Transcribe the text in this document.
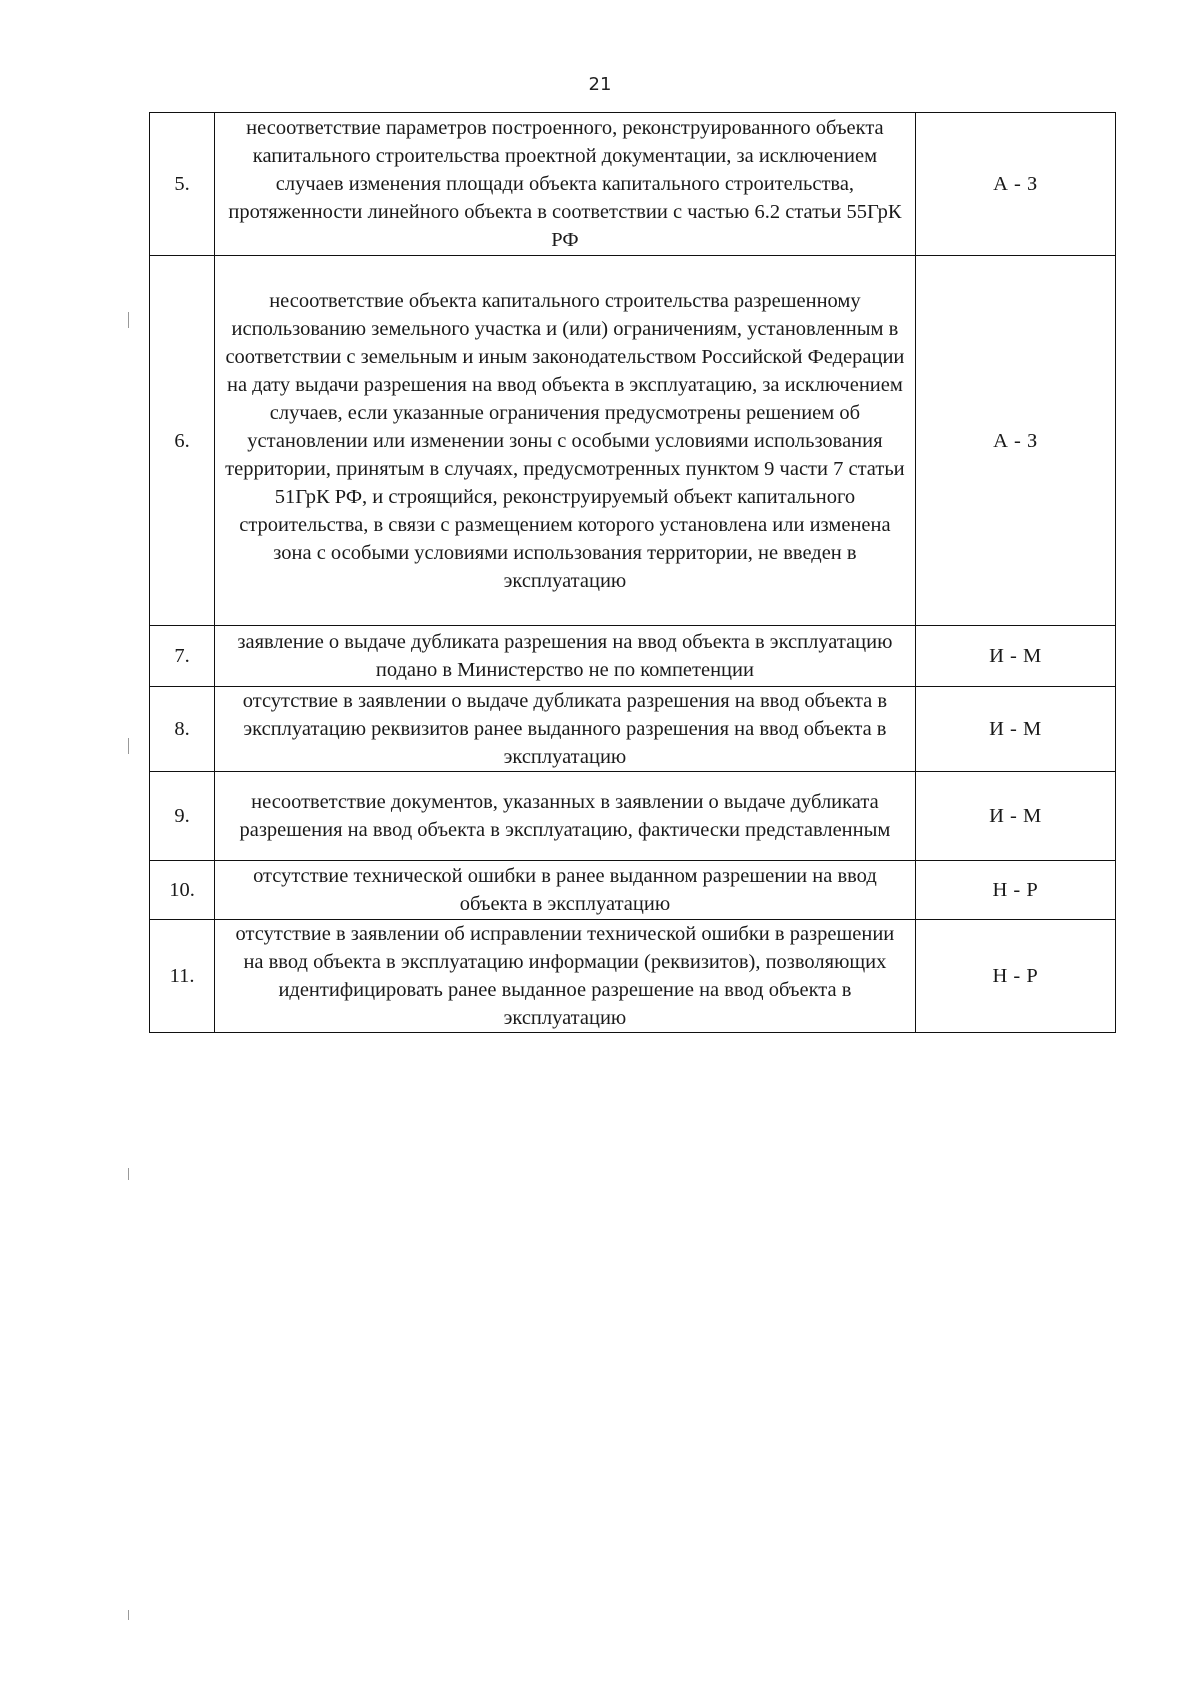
21
5.	несоответствие параметров построенного, реконструированного объекта капитального строительства проектной документации, за исключением случаев изменения площади объекта капитального строительства, протяженности линейного объекта в соответствии с частью 6.2 статьи 55ГрК РФ	А - З
6.	несоответствие объекта капитального строительства разрешенному использованию земельного участка и (или) ограничениям, установленным в соответствии с земельным и иным законодательством Российской Федерации на дату выдачи разрешения на ввод объекта в эксплуатацию, за исключением случаев, если указанные ограничения предусмотрены решением об установлении или изменении зоны с особыми условиями использования территории, принятым в случаях, предусмотренных пунктом 9 части 7 статьи 51ГрК РФ, и строящийся, реконструируемый объект капитального строительства, в связи с размещением которого установлена или изменена зона с особыми условиями использования территории, не введен в эксплуатацию	А - З
7.	заявление о выдаче дубликата разрешения на ввод объекта в эксплуатацию подано в Министерство не по компетенции	И - М
8.	отсутствие в заявлении о выдаче дубликата разрешения на ввод объекта в эксплуатацию реквизитов ранее выданного разрешения на ввод объекта в эксплуатацию	И - М
9.	несоответствие документов, указанных в заявлении о выдаче дубликата разрешения на ввод объекта в эксплуатацию, фактически представленным	И - М
10.	отсутствие технической ошибки в ранее выданном разрешении на ввод объекта в эксплуатацию	Н - Р
11.	отсутствие в заявлении об исправлении технической ошибки в разрешении на ввод объекта в эксплуатацию информации (реквизитов), позволяющих идентифицировать ранее выданное разрешение на ввод объекта в эксплуатацию	Н - Р
